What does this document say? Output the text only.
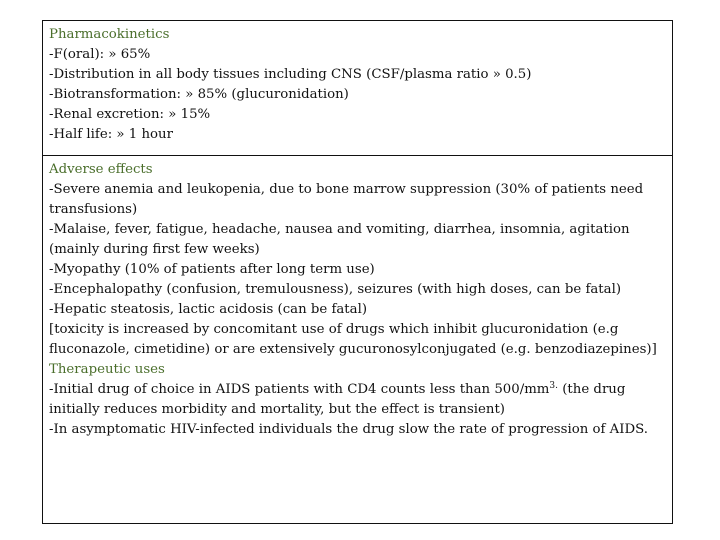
Pharmacokinetics
-F(oral): » 65%
-Distribution in all body tissues including CNS (CSF/plasma ratio » 0.5)
-Biotransformation: » 85% (glucuronidation)
-Renal excretion: » 15%
-Half life: » 1 hour
Adverse effects
-Severe anemia and leukopenia, due to bone marrow suppression (30% of patients need transfusions)
-Malaise, fever, fatigue, headache, nausea and vomiting, diarrhea, insomnia, agitation (mainly during first few weeks)
-Myopathy (10% of patients after long term use)
-Encephalopathy (confusion, tremulousness), seizures (with high doses, can be fatal)
-Hepatic steatosis, lactic acidosis (can be fatal)
[toxicity is increased by concomitant use of drugs which inhibit glucuronidation (e.g fluconazole, cimetidine) or are extensively gucuronosylconjugated (e.g. benzodiazepines)]
Therapeutic uses
-Initial drug of choice in AIDS patients with CD4 counts less than $500/mm^{3.}$ (the drug initially reduces morbidity and mortality, but the effect is transient)
-In asymptomatic HIV-infected individuals the drug slow the rate of progression of AIDS.
